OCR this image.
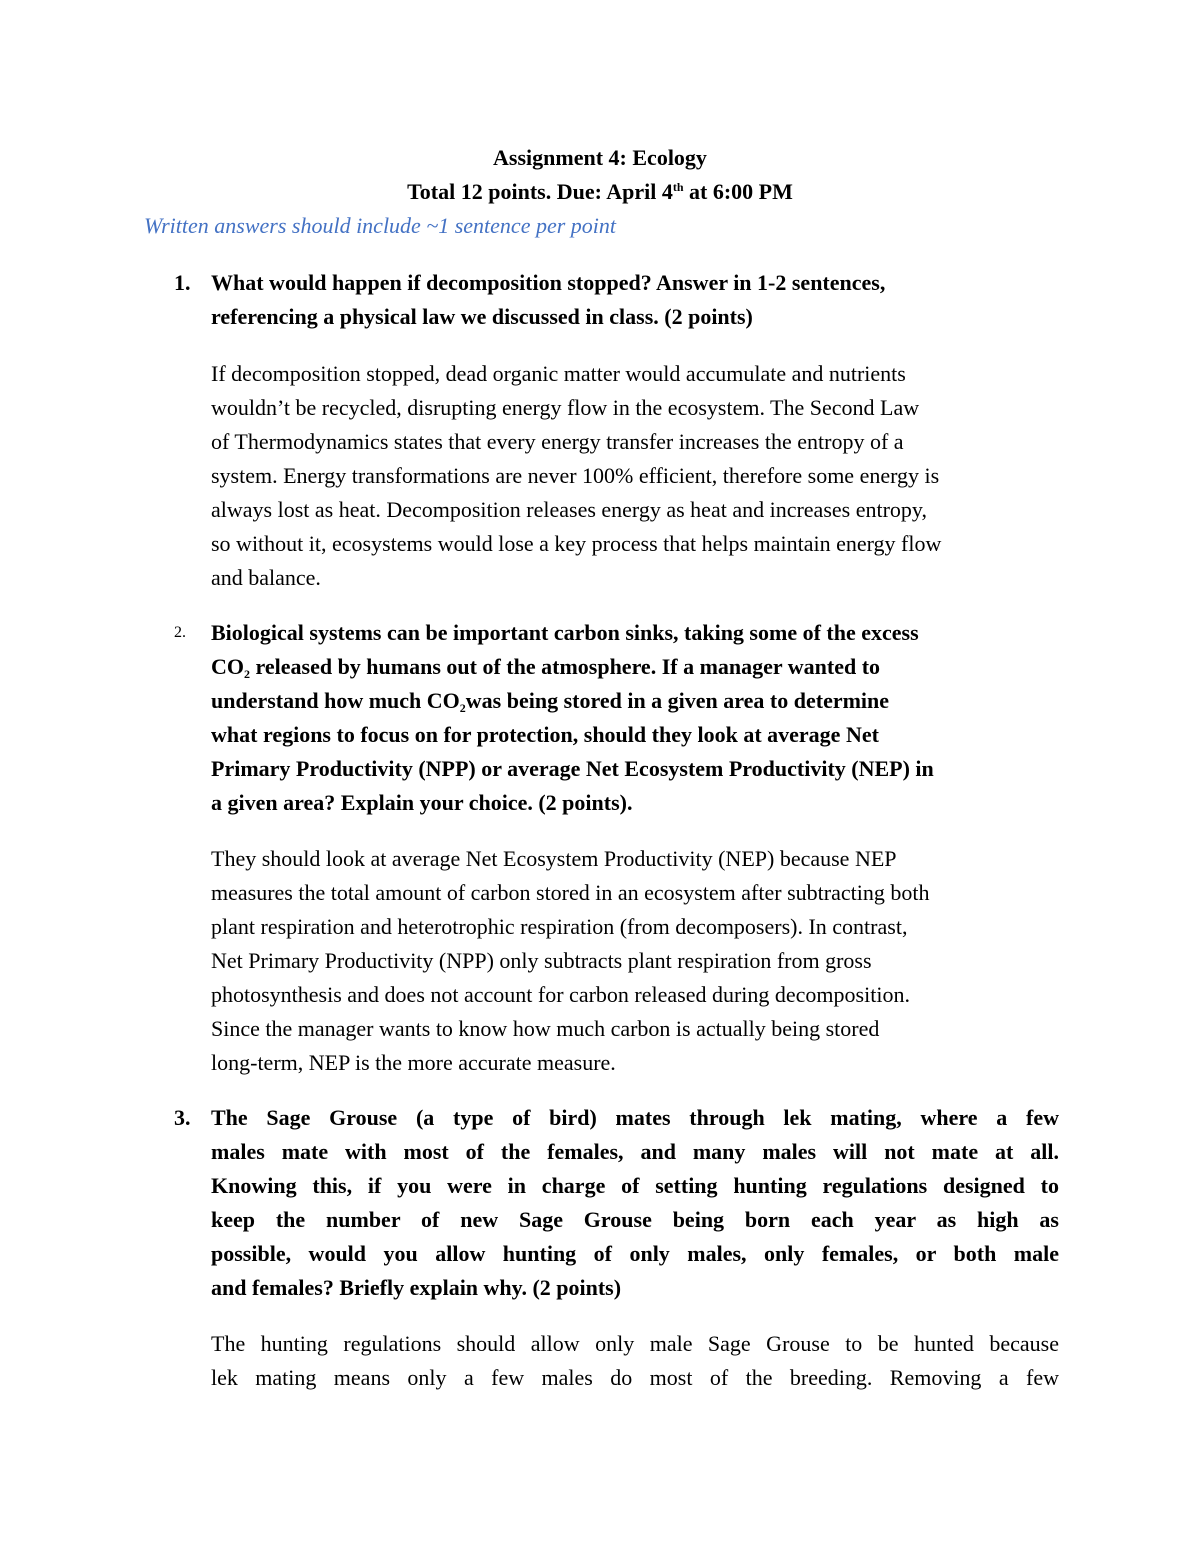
Assignment 4: Ecology
Total 12 points. Due: April 4th at 6:00 PM
Written answers should include ~1 sentence per point
1. What would happen if decomposition stopped? Answer in 1-2 sentences,
referencing a physical law we discussed in class. (2 points)
If decomposition stopped, dead organic matter would accumulate and nutrients
wouldn’t be recycled, disrupting energy flow in the ecosystem. The Second Law
of Thermodynamics states that every energy transfer increases the entropy of a
system. Energy transformations are never 100% efficient, therefore some energy is
always lost as heat. Decomposition releases energy as heat and increases entropy,
so without it, ecosystems would lose a key process that helps maintain energy flow
and balance.
2. Biological systems can be important carbon sinks, taking some of the excess
$CO_2$ released by humans out of the atmosphere. If a manager wanted to
understand how much $CO_2was$ being stored in a given area to determine
what regions to focus on for protection, should they look at average Net
Primary Productivity (NPP) or average Net Ecosystem Productivity (NEP) in
a given area? Explain your choice. (2 points).
They should look at average Net Ecosystem Productivity (NEP) because NEP
measures the total amount of carbon stored in an ecosystem after subtracting both
plant respiration and heterotrophic respiration (from decomposers). In contrast,
Net Primary Productivity (NPP) only subtracts plant respiration from gross
photosynthesis and does not account for carbon released during decomposition.
Since the manager wants to know how much carbon is actually being stored
long-term, NEP is the more accurate measure.
3. The Sage Grouse (a type of bird) mates through lek mating, where a few
males mate with most of the females, and many males will not mate at all.
Knowing this, if you were in charge of setting hunting regulations designed to
keep the number of new Sage Grouse being born each year as high as
possible, would you allow hunting of only males, only females, or both male
and females? Briefly explain why. (2 points)
The hunting regulations should allow only male Sage Grouse to be hunted because
lek mating means only a few males do most of the breeding. Removing a few
